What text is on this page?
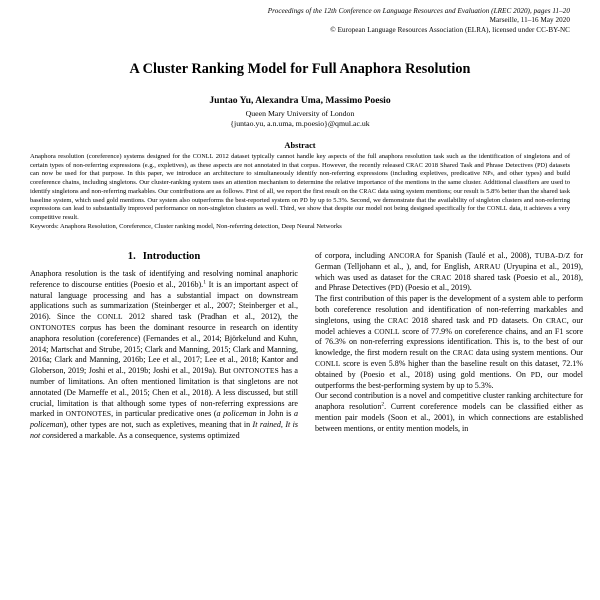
Proceedings of the 12th Conference on Language Resources and Evaluation (LREC 2020), pages 11–20
Marseille, 11–16 May 2020
© European Language Resources Association (ELRA), licensed under CC-BY-NC
A Cluster Ranking Model for Full Anaphora Resolution
Juntao Yu, Alexandra Uma, Massimo Poesio
Queen Mary University of London
{juntao.yu, a.n.uma, m.poesio}@qmul.ac.uk
Abstract

Anaphora resolution (coreference) systems designed for the CONLL 2012 dataset typically cannot handle key aspects of the full anaphora resolution task such as the identification of singletons and of certain types of non-referring expressions (e.g., expletives), as these aspects are not annotated in that corpus. However, the recently released CRAC 2018 Shared Task and Phrase Detectives (PD) datasets can now be used for that purpose. In this paper, we introduce an architecture to simultaneously identify non-referring expressions (including expletives, predicative NPs, and other types) and build coreference chains, including singletons. Our cluster-ranking system uses an attention mechanism to determine the relative importance of the mentions in the same cluster. Additional classifiers are used to identify singletons and non-referring markables. Our contributions are as follows. First of all, we report the first result on the CRAC data using system mentions; our result is 5.8% better than the shared task baseline system, which used gold mentions. Our system also outperforms the best-reported system on PD by up to 5.3%. Second, we demonstrate that the availability of singleton clusters and non-referring expressions can lead to substantially improved performance on non-singleton clusters as well. Third, we show that despite our model not being designed specifically for the CONLL data, it achieves a very competitive result.

Keywords: Anaphora Resolution, Coreference, Cluster ranking model, Non-referring detection, Deep Neural Networks

1. Introduction

Anaphora resolution is the task of identifying and resolving nominal anaphoric reference to discourse entities (Poesio et al., 2016b).$^1$ It is an important aspect of natural language processing and has a substantial impact on downstream applications such as summarization (Steinberger et al., 2007; Steinberger et al., 2016). Since the CONLL 2012 shared task (Pradhan et al., 2012), the ONTONOTES corpus has been the dominant resource in research on identity anaphora resolution (coreference) (Fernandes et al., 2014; Björkelund and Kuhn, 2014; Martschat and Strube, 2015; Clark and Manning, 2015; Clark and Manning, 2016a; Clark and Manning, 2016b; Lee et al., 2017; Lee et al., 2018; Kantor and Globerson, 2019; Joshi et al., 2019b; Joshi et al., 2019a). But ONTONOTES has a number of limitations. An often mentioned limitation is that singletons are not annotated (De Marneffe et al., 2015; Chen et al., 2018). A less discussed, but still crucial, limitation is that although some types of non-referring expressions are marked in ONTONOTES, in particular predicative ones (a policeman in John is a policeman), other types are not, such as expletives, meaning that in It rained, It is not considered a markable. As a consequence, systems optimized

of corpora, including ANCORA for Spanish (Taulé et al., 2008), TUBA-D/Z for German (Telljohann et al., ), and, for English, ARRAU (Uryupina et al., 2019), which was used as dataset for the CRAC 2018 shared task (Poesio et al., 2018), and Phrase Detectives (PD) (Poesio et al., 2019).

The first contribution of this paper is the development of a system able to perform both coreference resolution and identification of non-referring markables and singletons, using the CRAC 2018 shared task and PD datasets. On CRAC, our model achieves a CONLL score of 77.9% on coreference chains, and an F1 score of 76.3% on non-referring expressions identification. This is, to the best of our knowledge, the first modern result on the CRAC data using system mentions. Our CONLL score is even 5.8% higher than the baseline result on this dataset, 72.1% obtained by (Poesio et al., 2018) using gold mentions. On PD, our model outperforms the best-performing system by up to 5.3%.

Our second contribution is a novel and competitive cluster ranking architecture for anaphora resolution$^2$. Current coreference models can be classified either as mention pair models (Soon et al., 2001), in which connections are established between mentions, or entity mention models, in
